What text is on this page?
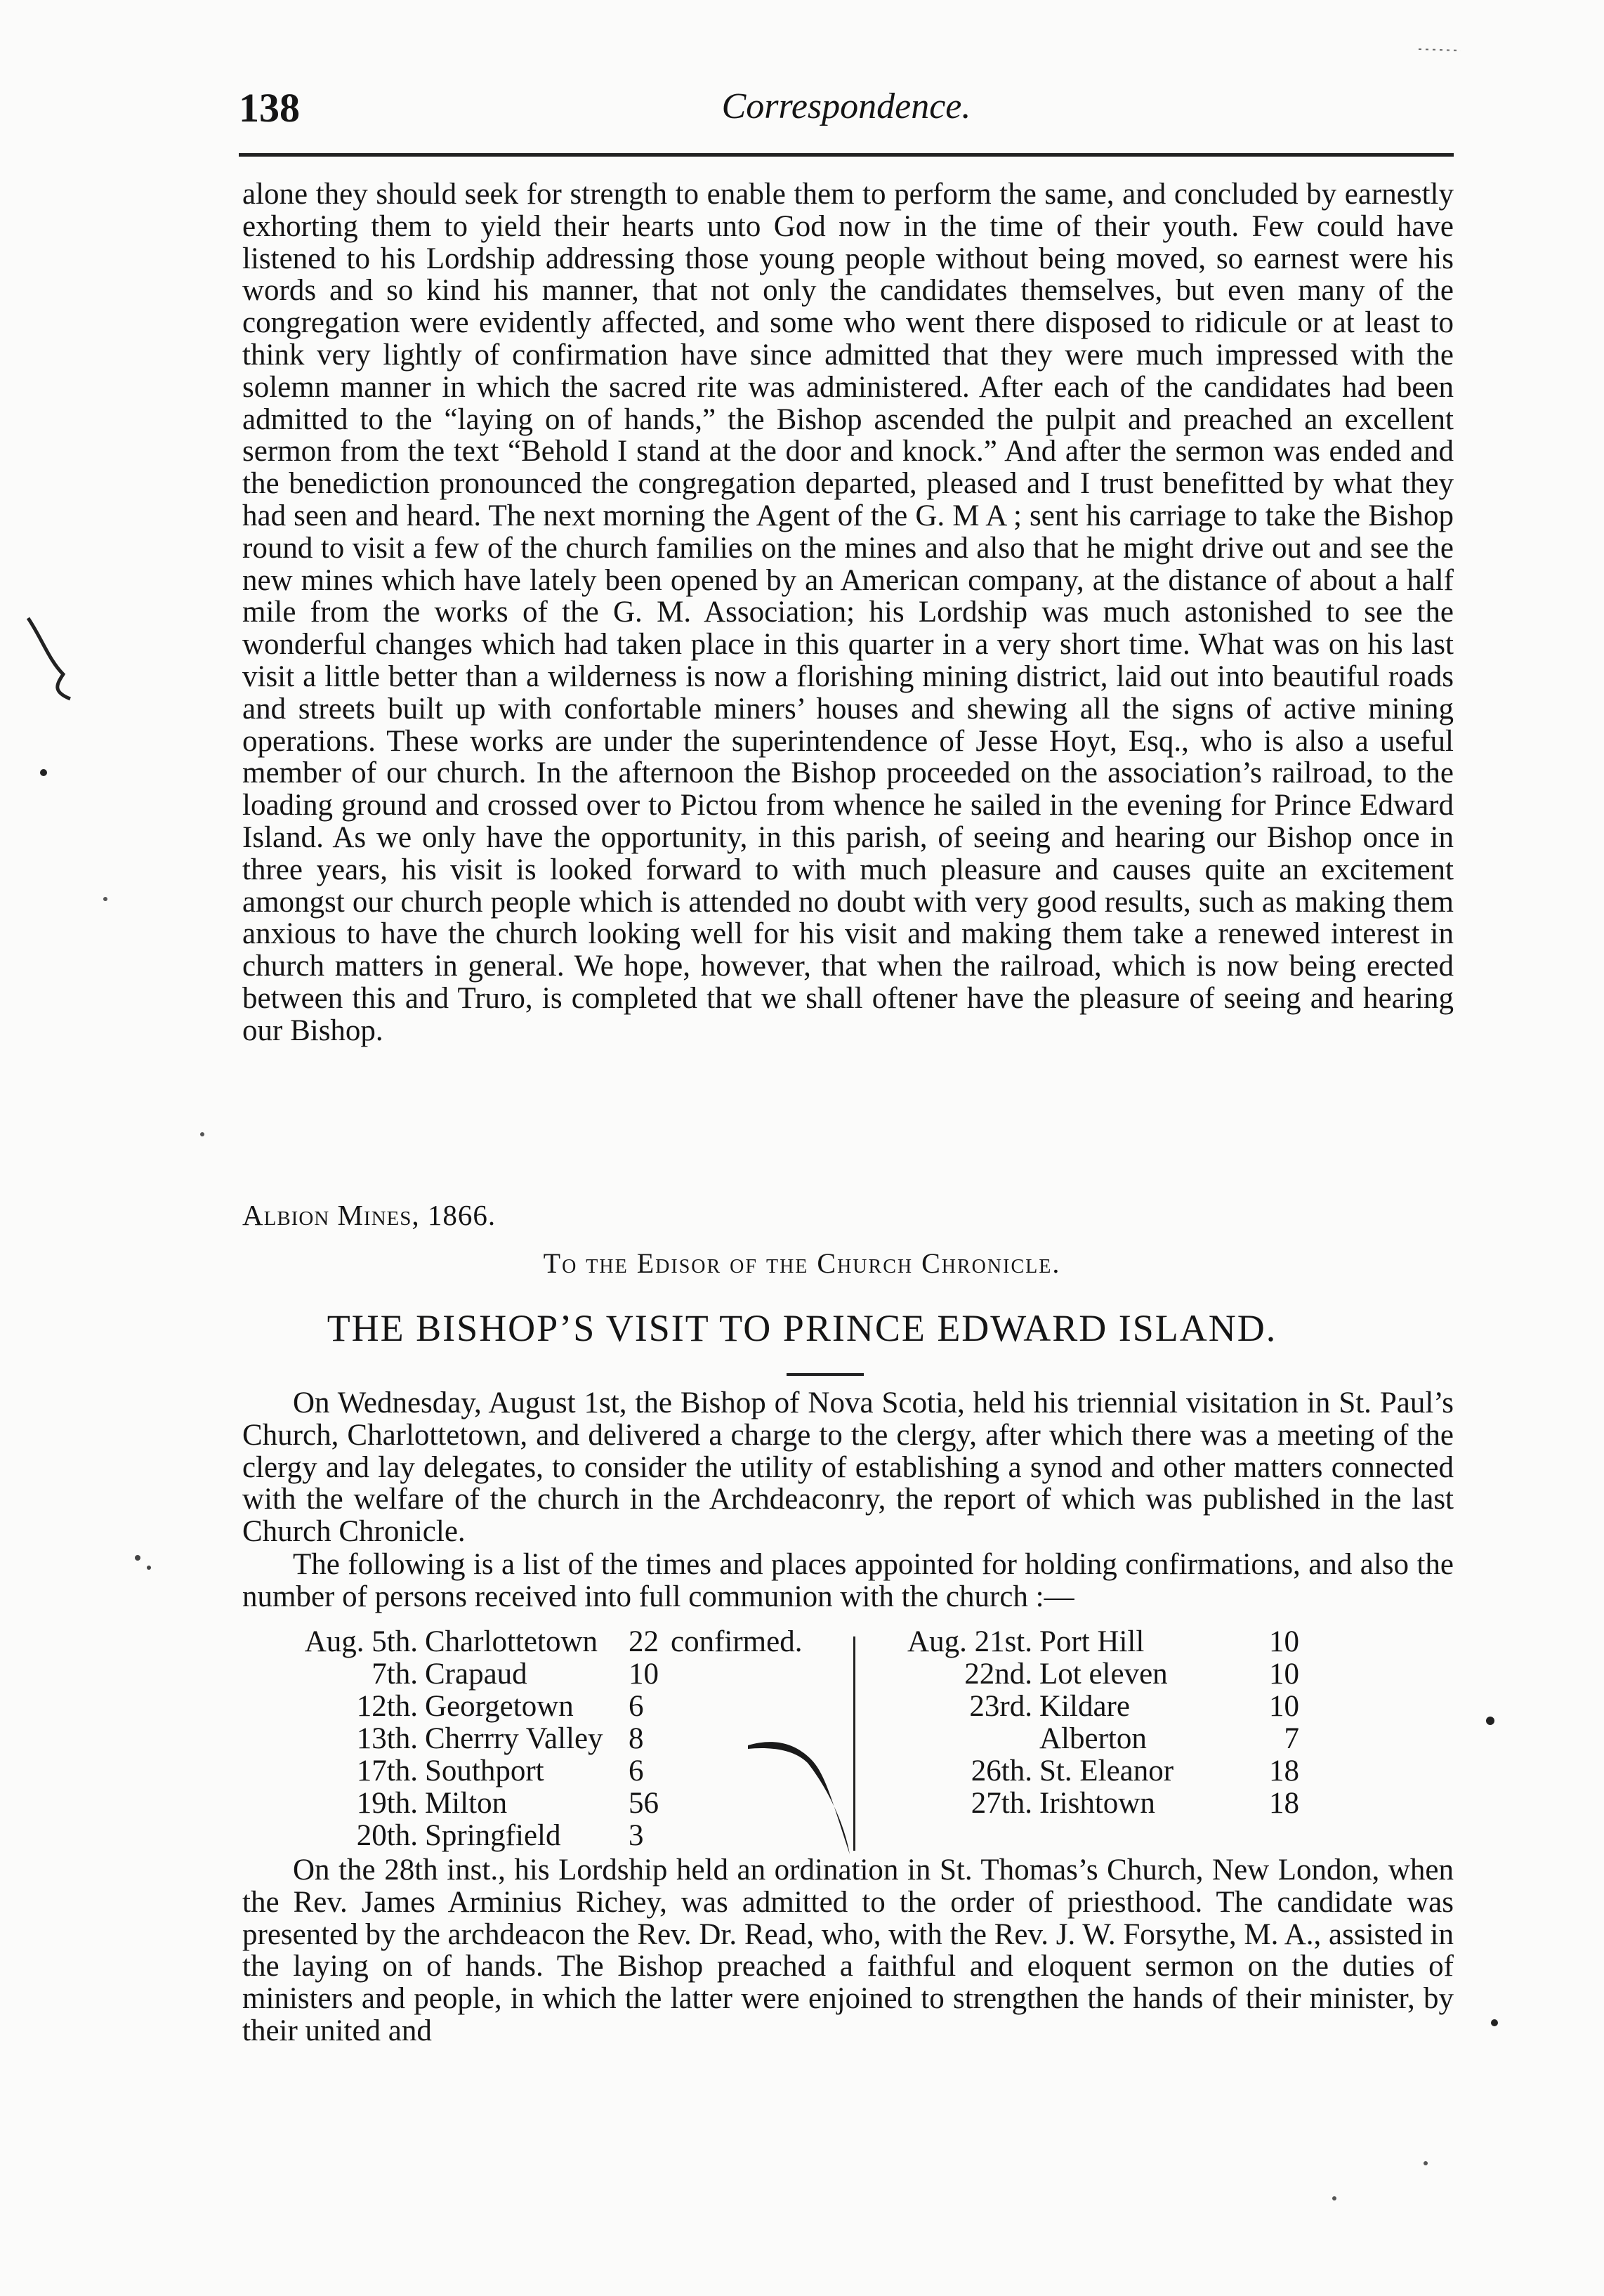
138	Correspondence.

alone they should seek for strength to enable them to perform the same, and concluded by earnestly exhorting them to yield their hearts unto God now in the time of their youth. Few could have listened to his Lordship addressing those young people without being moved, so earnest were his words and so kind his manner, that not only the candidates themselves, but even many of the congregation were evidently affected, and some who went there disposed to ridicule or at least to think very lightly of confirmation have since admitted that they were much impressed with the solemn manner in which the sacred rite was administered. After each of the candidates had been admitted to the “laying on of hands,” the Bishop ascended the pulpit and preached an excellent sermon from the text “Behold I stand at the door and knock.” And after the sermon was ended and the benediction pronounced the congregation departed, pleased and I trust benefitted by what they had seen and heard. The next morning the Agent of the G. M A ; sent his carriage to take the Bishop round to visit a few of the church families on the mines and also that he might drive out and see the new mines which have lately been opened by an American company, at the distance of about a half mile from the works of the G. M. Association; his Lordship was much astonished to see the wonderful changes which had taken place in this quarter in a very short time. What was on his last visit a little better than a wilderness is now a florishing mining district, laid out into beautiful roads and streets built up with confortable miners’ houses and shewing all the signs of active mining operations. These works are under the superintendence of Jesse Hoyt, Esq., who is also a useful member of our church. In the afternoon the Bishop proceeded on the association’s railroad, to the loading ground and crossed over to Pictou from whence he sailed in the evening for Prince Edward Island. As we only have the opportunity, in this parish, of seeing and hearing our Bishop once in three years, his visit is looked forward to with much pleasure and causes quite an excitement amongst our church people which is attended no doubt with very good results, such as making them anxious to have the church looking well for his visit and making them take a renewed interest in church matters in general. We hope, however, that when the railroad, which is now being erected between this and Truro, is completed that we shall oftener have the pleasure of seeing and hearing our Bishop.

Albion Mines, 1866.
To the Edisor of the Church Chronicle.
THE BISHOP’S VISIT TO PRINCE EDWARD ISLAND.

On Wednesday, August 1st, the Bishop of Nova Scotia, held his triennial visitation in St. Paul’s Church, Charlottetown, and delivered a charge to the clergy, after which there was a meeting of the clergy and lay delegates, to consider the utility of establishing a synod and other matters connected with the welfare of the church in the Archdeaconry, the report of which was published in the last Church Chronicle.

The following is a list of the times and places appointed for holding confirmations, and also the number of persons received into full communion with the church :—

Aug. 5th. Charlottetown 22 confirmed.
7th. Crapaud	10
12th. Georgetown 6
13th. Cherrry Valley 8
17th. Southport	6
19th. Milton	56
20th. Springfield 3
Aug. 21st. Port Hill	10
22nd. Lot eleven	10
23rd. Kildare	10
Alberton	7
26th. St. Eleanor	18
27th. Irishtown	18

On the 28th inst., his Lordship held an ordination in St. Thomas’s Church, New London, when the Rev. James Arminius Richey, was admitted to the order of priesthood. The candidate was presented by the archdeacon the Rev. Dr. Read, who, with the Rev. J. W. Forsythe, M. A., assisted in the laying on of hands. The Bishop preached a faithful and eloquent sermon on the duties of ministers and people, in which the latter were enjoined to strengthen the hands of their minister, by their united and
